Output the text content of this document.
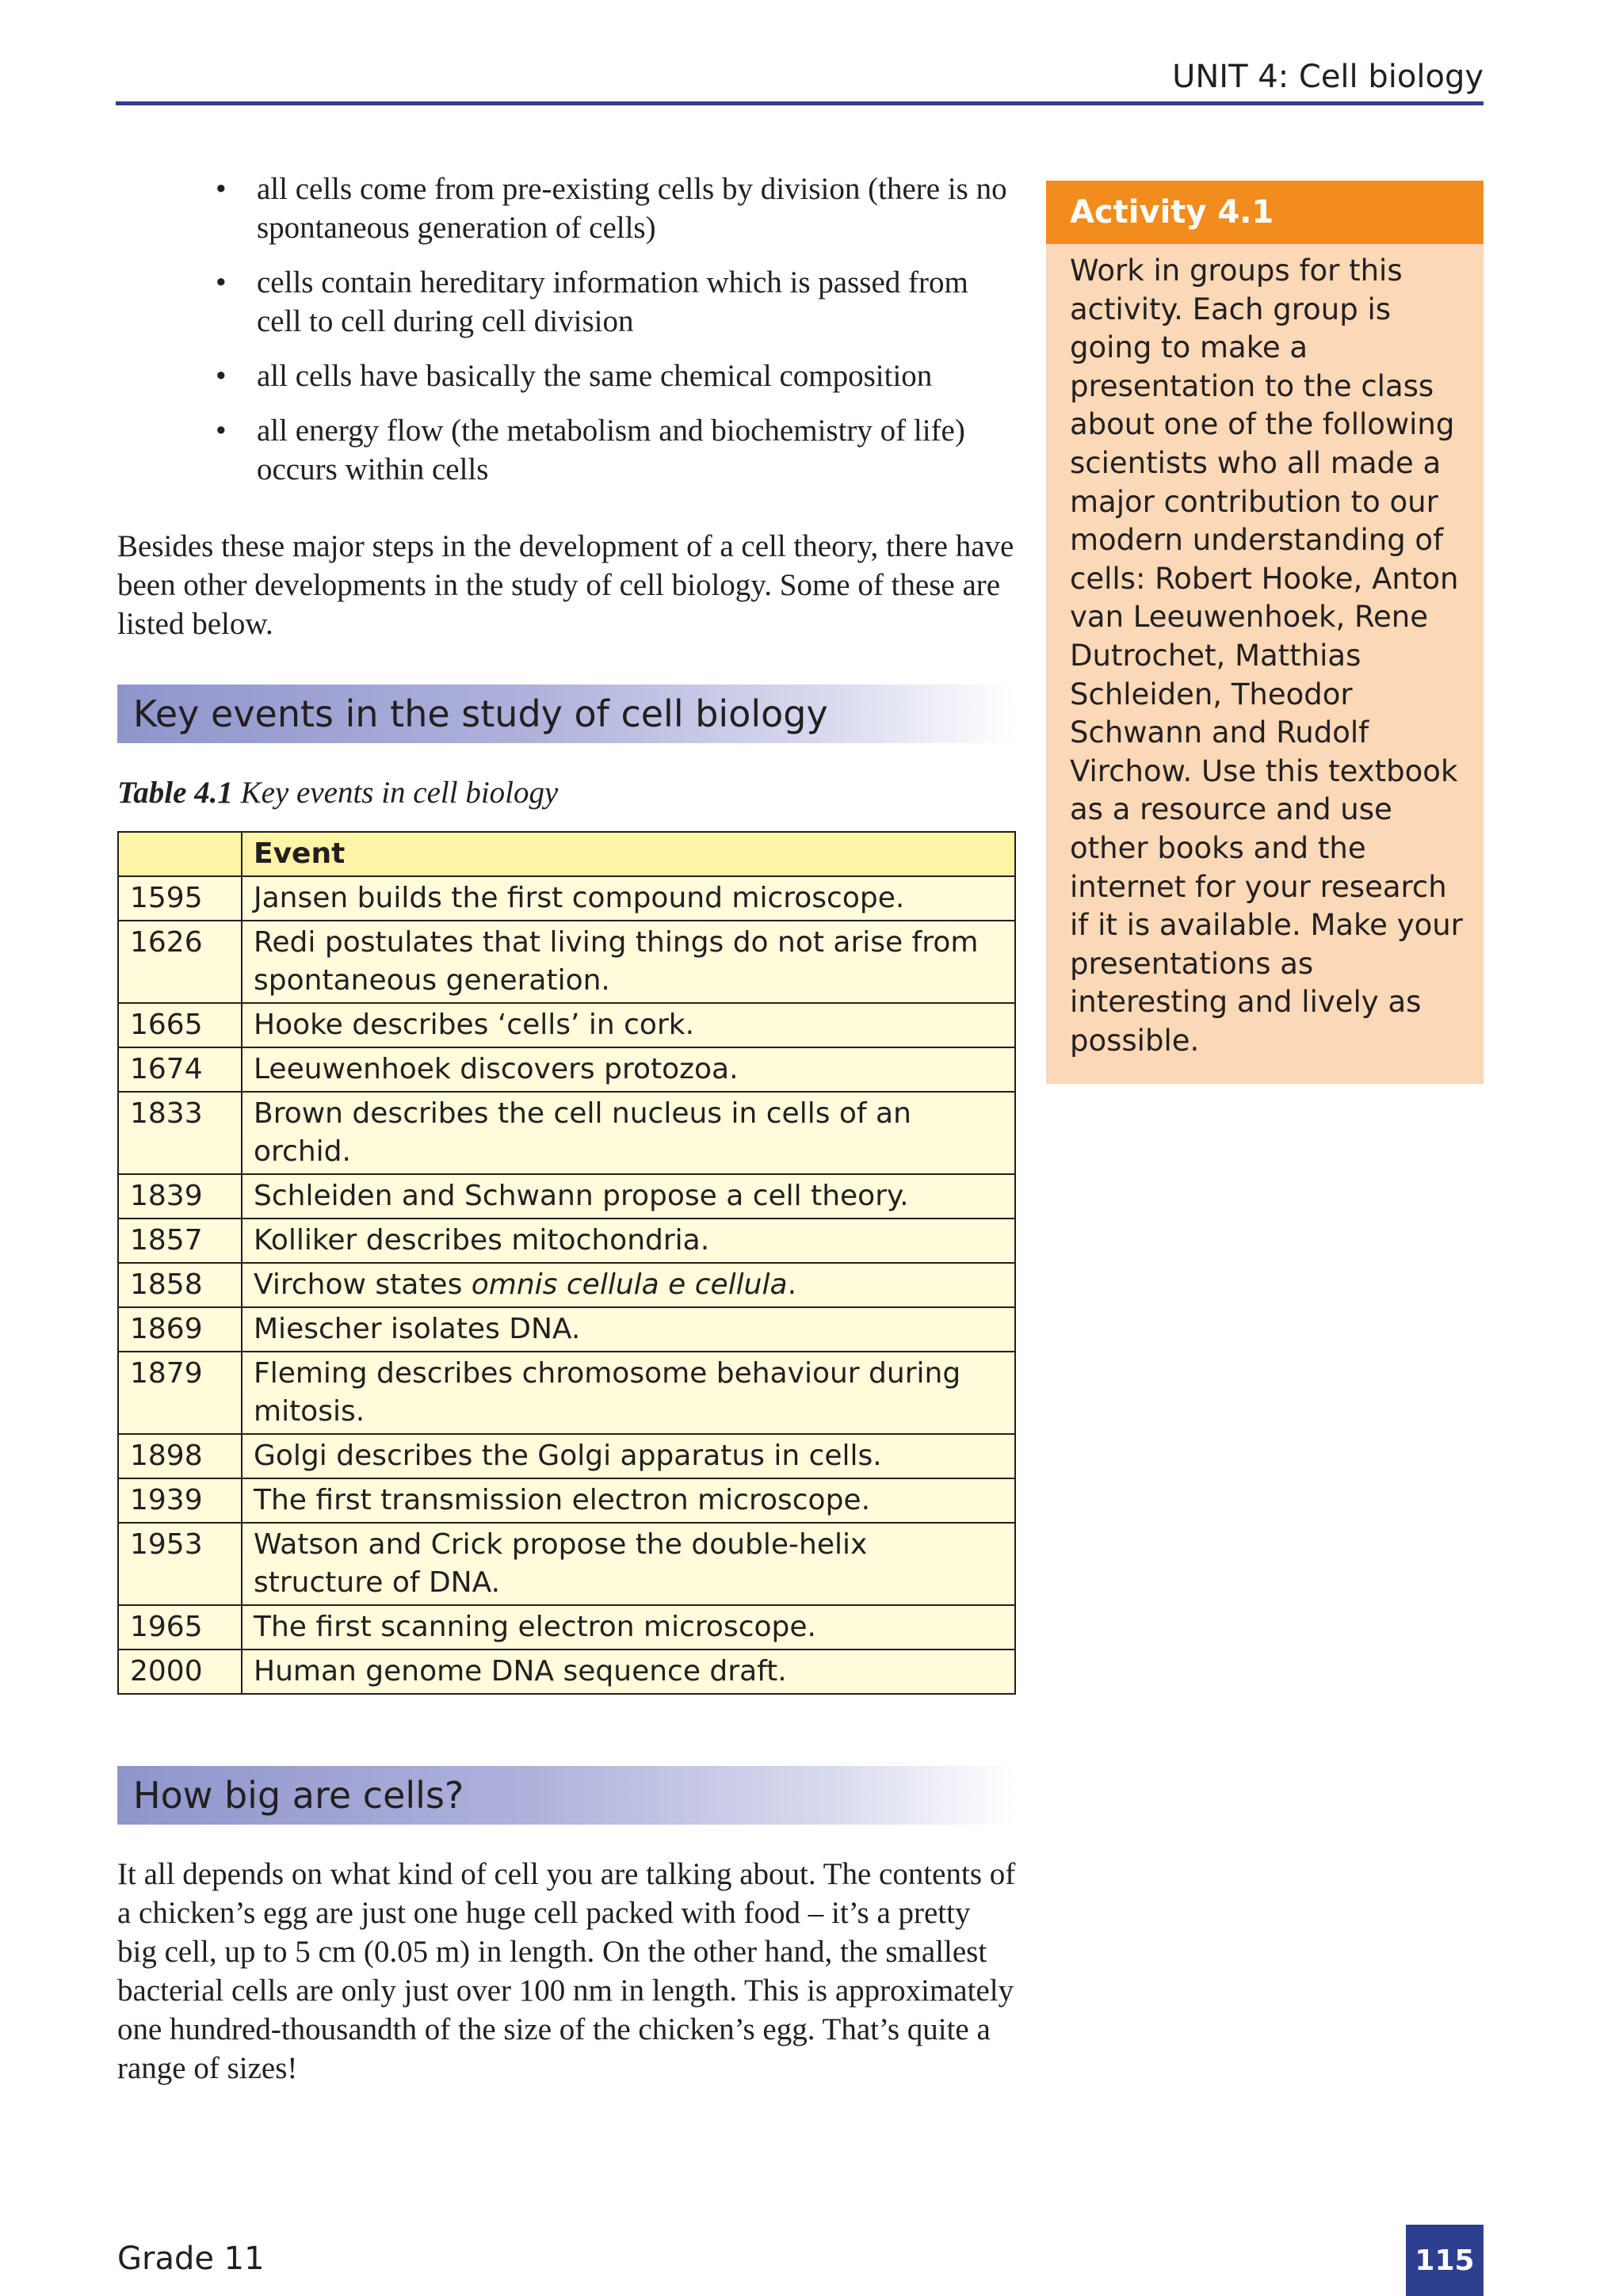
UNIT 4: Cell biology
• all cells come from pre-existing cells by division (there is no spontaneous generation of cells)
• cells contain hereditary information which is passed from cell to cell during cell division
• all cells have basically the same chemical composition
• all energy flow (the metabolism and biochemistry of life) occurs within cells

Besides these major steps in the development of a cell theory, there have been other developments in the study of cell biology. Some of these are listed below.

Key events in the study of cell biology
Table 4.1 Key events in cell biology
	Event
1595	Jansen builds the first compound microscope.
1626	Redi postulates that living things do not arise from spontaneous generation.
1665	Hooke describes ‘cells’ in cork.
1674	Leeuwenhoek discovers protozoa.
1833	Brown describes the cell nucleus in cells of an orchid.
1839	Schleiden and Schwann propose a cell theory.
1857	Kolliker describes mitochondria.
1858	Virchow states omnis cellula e cellula.
1869	Miescher isolates DNA.
1879	Fleming describes chromosome behaviour during mitosis.
1898	Golgi describes the Golgi apparatus in cells.
1939	The first transmission electron microscope.
1953	Watson and Crick propose the double-helix structure of DNA.
1965	The first scanning electron microscope.
2000	Human genome DNA sequence draft.
How big are cells?

It all depends on what kind of cell you are talking about. The contents of a chicken’s egg are just one huge cell packed with food – it’s a pretty big cell, up to 5 cm (0.05 m) in length. On the other hand, the smallest bacterial cells are only just over 100 nm in length. This is approximately one hundred-thousandth of the size of the chicken’s egg. That’s quite a range of sizes!

Activity 4.1
Work in groups for this activity. Each group is going to make a presentation to the class about one of the following scientists who all made a major contribution to our modern understanding of cells: Robert Hooke, Anton van Leeuwenhoek, Rene Dutrochet, Matthias Schleiden, Theodor Schwann and Rudolf Virchow. Use this textbook as a resource and use other books and the internet for your research if it is available. Make your presentations as interesting and lively as possible.
Grade 11	115
